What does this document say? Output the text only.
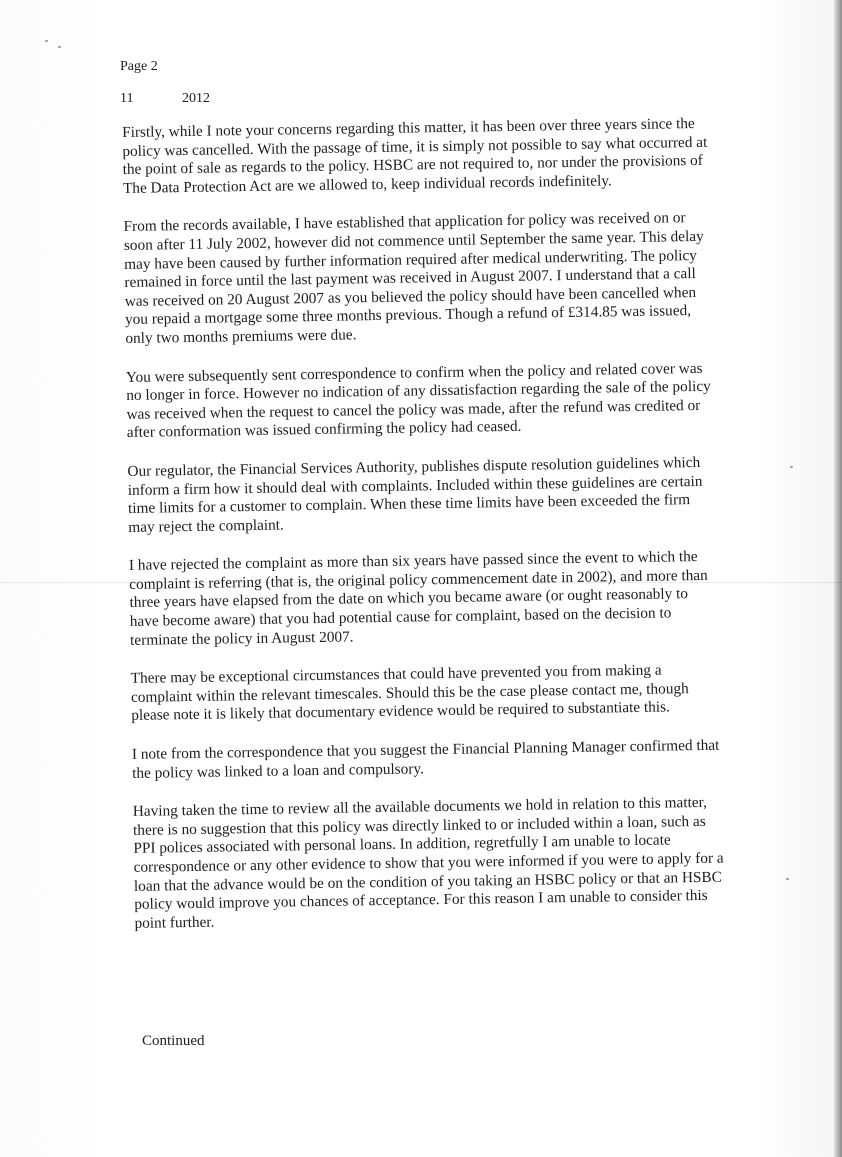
Page 2
11	2012

Firstly, while I note your concerns regarding this matter, it has been over three years since the policy was cancelled. With the passage of time, it is simply not possible to say what occurred at the point of sale as regards to the policy. HSBC are not required to, nor under the provisions of The Data Protection Act are we allowed to, keep individual records indefinitely.

From the records available, I have established that application for policy was received on or soon after 11 July 2002, however did not commence until September the same year. This delay may have been caused by further information required after medical underwriting. The policy remained in force until the last payment was received in August 2007. I understand that a call was received on 20 August 2007 as you believed the policy should have been cancelled when you repaid a mortgage some three months previous. Though a refund of £314.85 was issued, only two months premiums were due.

You were subsequently sent correspondence to confirm when the policy and related cover was no longer in force. However no indication of any dissatisfaction regarding the sale of the policy was received when the request to cancel the policy was made, after the refund was credited or after conformation was issued confirming the policy had ceased.

Our regulator, the Financial Services Authority, publishes dispute resolution guidelines which inform a firm how it should deal with complaints. Included within these guidelines are certain time limits for a customer to complain. When these time limits have been exceeded the firm may reject the complaint.

I have rejected the complaint as more than six years have passed since the event to which the complaint is referring (that is, the original policy commencement date in 2002), and more than three years have elapsed from the date on which you became aware (or ought reasonably to have become aware) that you had potential cause for complaint, based on the decision to terminate the policy in August 2007.

There may be exceptional circumstances that could have prevented you from making a complaint within the relevant timescales. Should this be the case please contact me, though please note it is likely that documentary evidence would be required to substantiate this.

I note from the correspondence that you suggest the Financial Planning Manager confirmed that the policy was linked to a loan and compulsory.

Having taken the time to review all the available documents we hold in relation to this matter, there is no suggestion that this policy was directly linked to or included within a loan, such as PPI polices associated with personal loans. In addition, regretfully I am unable to locate correspondence or any other evidence to show that you were informed if you were to apply for a loan that the advance would be on the condition of you taking an HSBC policy or that an HSBC policy would improve you chances of acceptance. For this reason I am unable to consider this point further.

Continued
